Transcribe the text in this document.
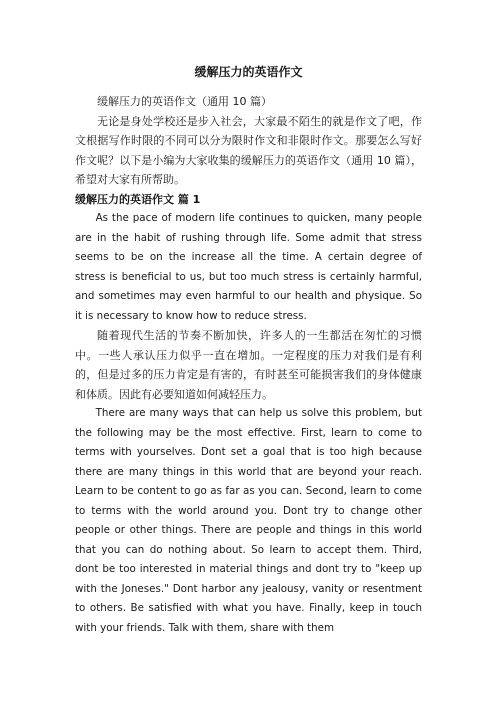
缓解压力的英语作文

缓解压力的英语作文（通用 10 篇）

无论是身处学校还是步入社会，大家最不陌生的就是作文了吧，作文根据写作时限的不同可以分为限时作文和非限时作文。那要怎么写好作文呢？以下是小编为大家收集的缓解压力的英语作文（通用 10 篇），希望对大家有所帮助。

缓解压力的英语作文 篇 1

As the pace of modern life continues to quicken, many people are in the habit of rushing through life. Some admit that stress seems to be on the increase all the time. A certain degree of stress is beneficial to us, but too much stress is certainly harmful, and sometimes may even harmful to our health and physique. So it is necessary to know how to reduce stress.

随着现代生活的节奏不断加快，许多人的一生都活在匆忙的习惯中。一些人承认压力似乎一直在增加。一定程度的压力对我们是有利的，但是过多的压力肯定是有害的，有时甚至可能损害我们的身体健康和体质。因此有必要知道如何减轻压力。

There are many ways that can help us solve this problem, but the following may be the most effective. First, learn to come to terms with yourselves. Dont set a goal that is too high because there are many things in this world that are beyond your reach. Learn to be content to go as far as you can. Second, learn to come to terms with the world around you. Dont try to change other people or other things. There are people and things in this world that you can do nothing about. So learn to accept them. Third, dont be too interested in material things and dont try to "keep up with the Joneses." Dont harbor any jealousy, vanity or resentment to others. Be satisfied with what you have. Finally, keep in touch with your friends. Talk with them, share with them
